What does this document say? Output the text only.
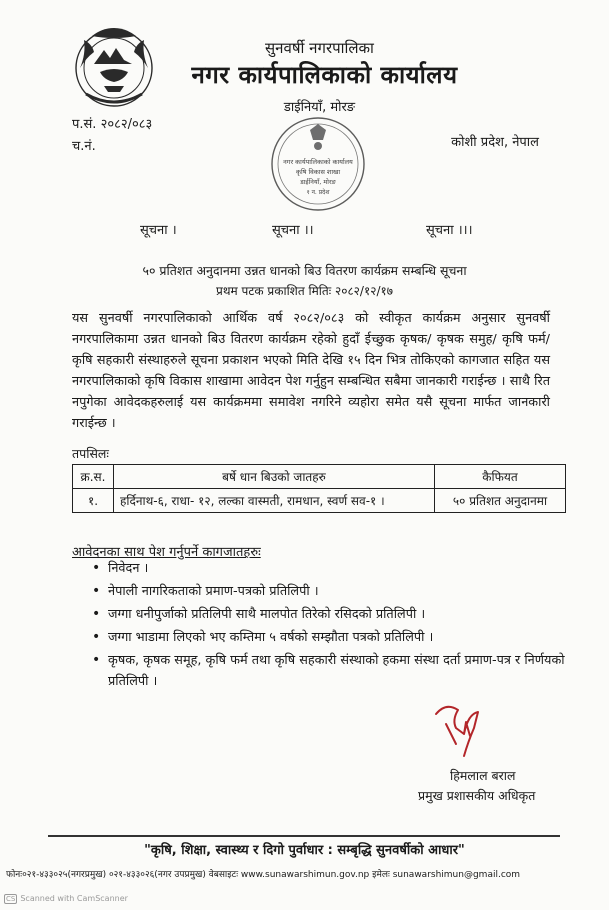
सुनवर्षी नगरपालिका
नगर कार्यपालिकाको कार्यालय
डाईनियाँ, मोरङ
प.सं. २०८२/०८३
च.नं.	कोशी प्रदेश, नेपाल
नगर कार्यपालिकाको कार्यालय
कृषि विकास शाखा
डाईनियाँ, मोरङ
१ न. प्रदेश
सूचना ।	सूचना ।।	सूचना ।।।
५० प्रतिशत अनुदानमा उन्नत धानको बिउ वितरण कार्यक्रम सम्बन्धि सूचना
प्रथम पटक प्रकाशित मितिः २०८२/१२/१७
यस सुनवर्षी नगरपालिकाको आर्थिक वर्ष २०८२/०८३ को स्वीकृत कार्यक्रम अनुसार सुनवर्षी नगरपालिकामा उन्नत धानको बिउ वितरण कार्यक्रम रहेको हुदाँ ईच्छुक कृषक/ कृषक समुह/ कृषि फर्म/ कृषि सहकारी संस्थाहरुले सूचना प्रकाशन भएको मिति देखि १५ दिन भित्र तोकिएको कागजात सहित यस नगरपालिकाको कृषि विकास शाखामा आवेदन पेश गर्नुहुन सम्बन्धित सबैमा जानकारी गराईन्छ । साथै रित नपुगेका आवेदकहरुलाई यस कार्यक्रममा समावेश नगरिने व्यहोरा समेत यसै सूचना मार्फत जानकारी गराईन्छ ।
तपसिलः
क्र.स.	बर्षे धान बिउको जातहरु	कैफियत
१.	हर्दिनाथ-६, राधा- १२, लल्का वास्मती, रामधान, स्वर्ण सव-१ ।	५० प्रतिशत अनुदानमा
आवेदनका साथ पेश गर्नुपर्ने कागजातहरुः
• निवेदन ।
• नेपाली नागरिकताको प्रमाण-पत्रको प्रतिलिपी ।
• जग्गा धनीपुर्जाको प्रतिलिपी साथै मालपोत तिरेको रसिदको प्रतिलिपी ।
• जग्गा भाडामा लिएको भए कम्तिमा ५ वर्षको सम्झौता पत्रको प्रतिलिपी ।
• कृषक, कृषक समूह, कृषि फर्म तथा कृषि सहकारी संस्थाको हकमा संस्था दर्ता प्रमाण-पत्र र निर्णयको प्रतिलिपी ।
हिमलाल बराल
प्रमुख प्रशासकीय अधिकृत
"कृषि, शिक्षा, स्वास्थ्य र दिगो पुर्वाधार : सम्बृद्धि सुनवर्षीको आधार"
फोनः०२१-४३३०२५(नगरप्रमुख) ०२१-४३३०२६(नगर उपप्रमुख) वेबसाइटः www.sunawarshimun.gov.np इमेलः sunawarshimun@gmail.com
CS Scanned with CamScanner
